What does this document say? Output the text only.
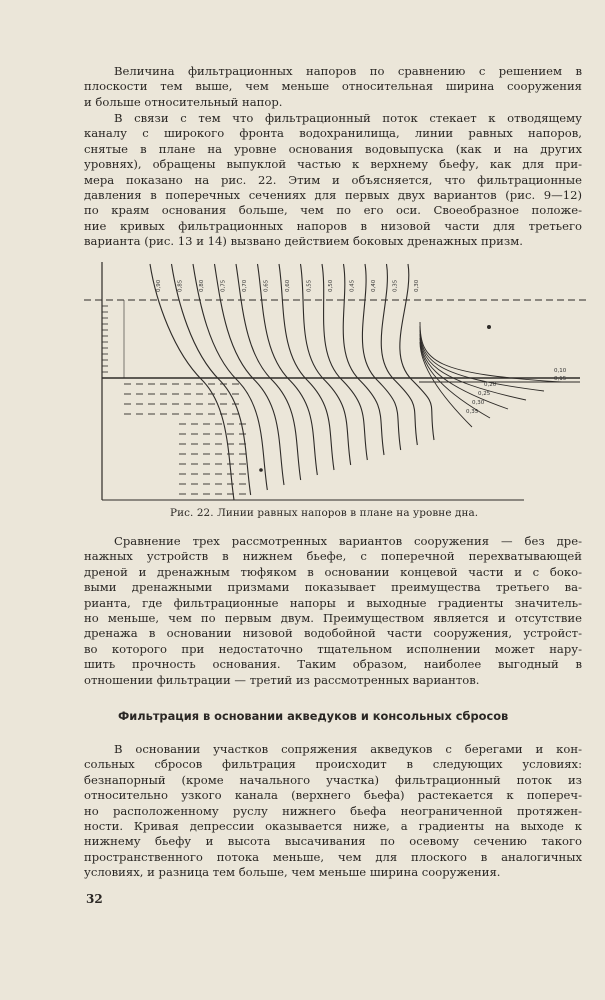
Величина фильтрационных напоров по сравнению с решением в
плоскости тем выше, чем меньше относительная ширина сооружения
и больше относительный напор.
В связи с тем что фильтрационный поток стекает к отводящему
каналу с широкого фронта водохранилища, линии равных напоров,
снятые в плане на уровне основания водовыпуска (как и на других
уровнях), обращены выпуклой частью к верхнему бьефу, как для при-
мера показано на рис. 22. Этим и объясняется, что фильтрационные
давления в поперечных сечениях для первых двух вариантов (рис. 9—12)
по краям основания больше, чем по его оси. Своеобразное положе-
ние кривых фильтрационных напоров в низовой части для третьего
варианта (рис. 13 и 14) вызвано действием боковых дренажных призм.
0,90	0,85	0,80	0,75	0,70	0,65	0,60	0,55	0,50	0,45	0,40	0,35	0,30
0,10
0,15
0,20
0,25
0,30
0,35
Рис. 22. Линии равных напоров в плане на уровне дна.
Сравнение трех рассмотренных вариантов сооружения — без дре-
нажных устройств в нижнем бьефе, с поперечной перехватывающей
дреной и дренажным тюфяком в основании концевой части и с боко-
выми дренажными призмами показывает преимущества третьего ва-
рианта, где фильтрационные напоры и выходные градиенты значитель-
но меньше, чем по первым двум. Преимуществом является и отсутствие
дренажа в основании низовой водобойной части сооружения, устройст-
во которого при недостаточно тщательном исполнении может нару-
шить прочность основания. Таким образом, наиболее выгодный в
отношении фильтрации — третий из рассмотренных вариантов.
Фильтрация в основании акведуков и консольных сбросов
В основании участков сопряжения акведуков с берегами и кон-
сольных сбросов фильтрация происходит в следующих условиях:
безнапорный (кроме начального участка) фильтрационный поток из
относительно узкого канала (верхнего бьефа) растекается к попереч-
но расположенному руслу нижнего бьефа неограниченной протяжен-
ности. Кривая депрессии оказывается ниже, а градиенты на выходе к
нижнему бьефу и высота высачивания по осевому сечению такого
пространственного потока меньше, чем для плоского в аналогичных
условиях, и разница тем больше, чем меньше ширина сооружения.
32
